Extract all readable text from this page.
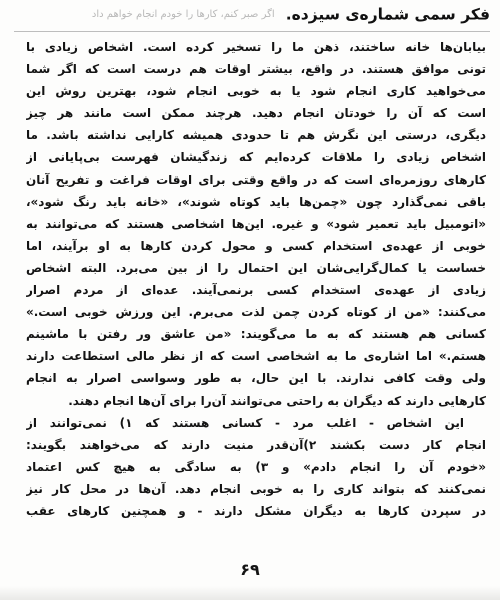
فکر سمی شماره‌ی سیزده. اگر صبر کنم، کارها را خودم انجام خواهم داد
بیابان‌ها خانه ساختند، ذهن ما را تسخیر کرده است. اشخاص زیادی با
تونی موافق هستند. در واقع، بیشتر اوقات هم درست است که اگر شما
می‌خواهید کاری انجام شود یا به خوبی انجام شود، بهترین روش این
است که آن را خودتان انجام دهید. هرچند ممکن است مانند هر چیز
دیگری، درستی این نگرش هم تا حدودی همیشه کارایی نداشته باشد. ما
اشخاص زیادی را ملاقات کرده‌ایم که زندگیشان فهرست بی‌پایانی از
کارهای روزمره‌ای است که در واقع وقتی برای اوقات فراغت و تفریح آنان
باقی نمی‌گذارد چون «چمن‌ها باید کوتاه شوند»، «خانه باید رنگ شود»،
«اتومبیل باید تعمیر شود» و غیره. این‌ها اشخاصی هستند که می‌توانند به
خوبی از عهده‌ی استخدام کسی و محول کردن کارها به او برآیند، اما
خساست یا کمال‌گرایی‌شان این احتمال را از بین می‌برد. البته اشخاص
زیادی از عهده‌ی استخدام کسی برنمی‌آیند. عده‌ای از مردم اصرار
می‌کنند: «من از کوتاه کردن چمن لذت می‌برم. این ورزش خوبی است.»
کسانی هم هستند که به ما می‌گویند: «من عاشق ور رفتن با ماشینم
هستم.» اما اشاره‌ی ما به اشخاصی است که از نظر مالی استطاعت دارند
ولی وقت کافی ندارند. با این حال، به طور وسواسی اصرار به انجام
کارهایی دارند که دیگران به راحتی می‌توانند آن‌را برای آن‌ها انجام دهند.
این اشخاص - اغلب مرد - کسانی هستند که ۱) نمی‌توانند از
انجام کار دست بکشند ۲)آن‌قدر منیت دارند که می‌خواهند بگویند:
«خودم آن را انجام دادم» و ۳) به سادگی به هیچ کس اعتماد
نمی‌کنند که بتواند کاری را به خوبی انجام دهد. آن‌ها در محل کار نیز
در سپردن کارها به دیگران مشکل دارند - و همچنین کارهای عقب
۶۹
